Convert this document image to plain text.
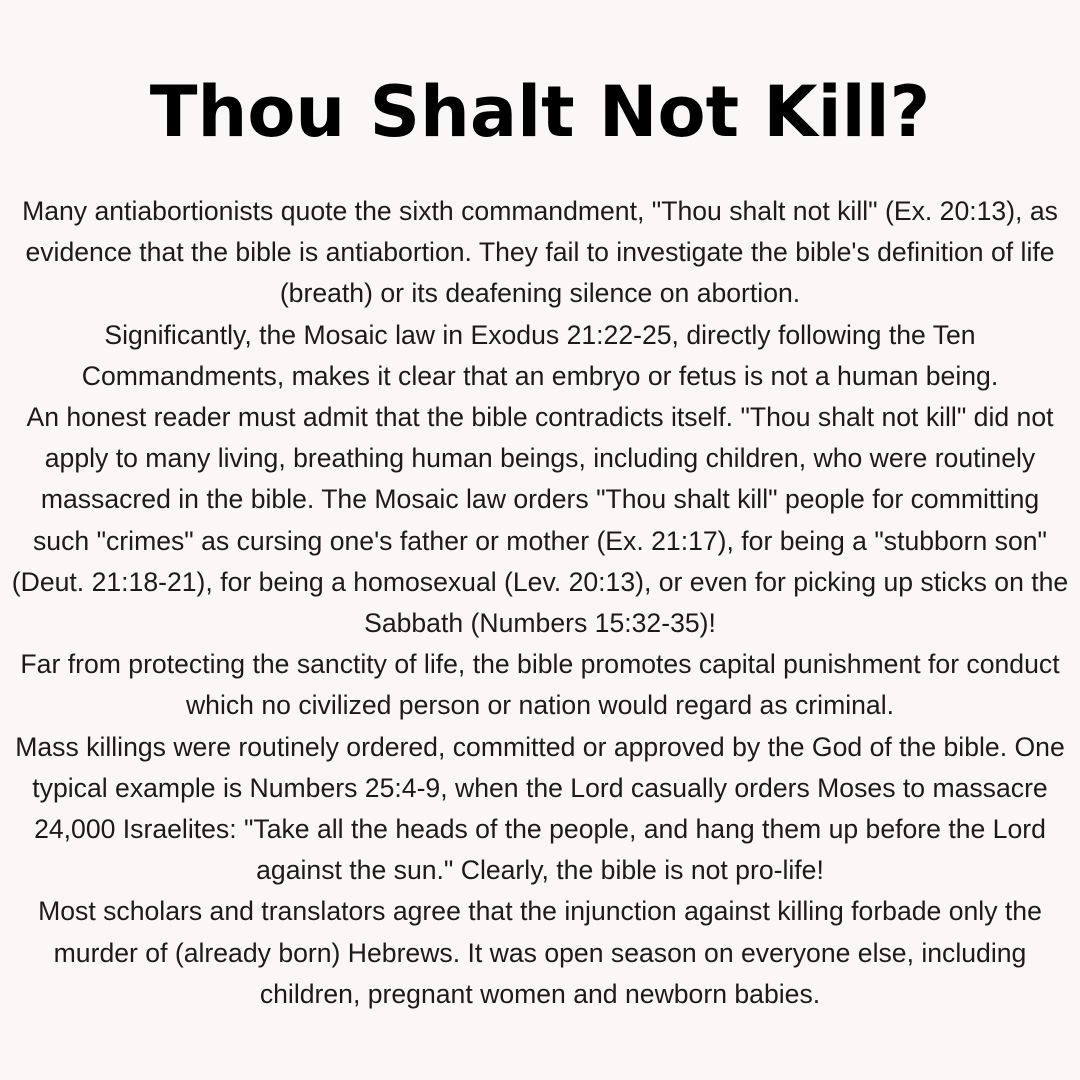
Thou Shalt Not Kill?

Many antiabortionists quote the sixth commandment, "Thou shalt not kill" (Ex. 20:13), as evidence that the bible is antiabortion. They fail to investigate the bible's definition of life (breath) or its deafening silence on abortion.

Significantly, the Mosaic law in Exodus 21:22-25, directly following the Ten Commandments, makes it clear that an embryo or fetus is not a human being.

An honest reader must admit that the bible contradicts itself. "Thou shalt not kill" did not apply to many living, breathing human beings, including children, who were routinely massacred in the bible. The Mosaic law orders "Thou shalt kill" people for committing such "crimes" as cursing one's father or mother (Ex. 21:17), for being a "stubborn son" (Deut. 21:18-21), for being a homosexual (Lev. 20:13), or even for picking up sticks on the Sabbath (Numbers 15:32-35)!

Far from protecting the sanctity of life, the bible promotes capital punishment for conduct which no civilized person or nation would regard as criminal.

Mass killings were routinely ordered, committed or approved by the God of the bible. One typical example is Numbers 25:4-9, when the Lord casually orders Moses to massacre 24,000 Israelites: "Take all the heads of the people, and hang them up before the Lord against the sun." Clearly, the bible is not pro-life!

Most scholars and translators agree that the injunction against killing forbade only the murder of (already born) Hebrews. It was open season on everyone else, including children, pregnant women and newborn babies.
